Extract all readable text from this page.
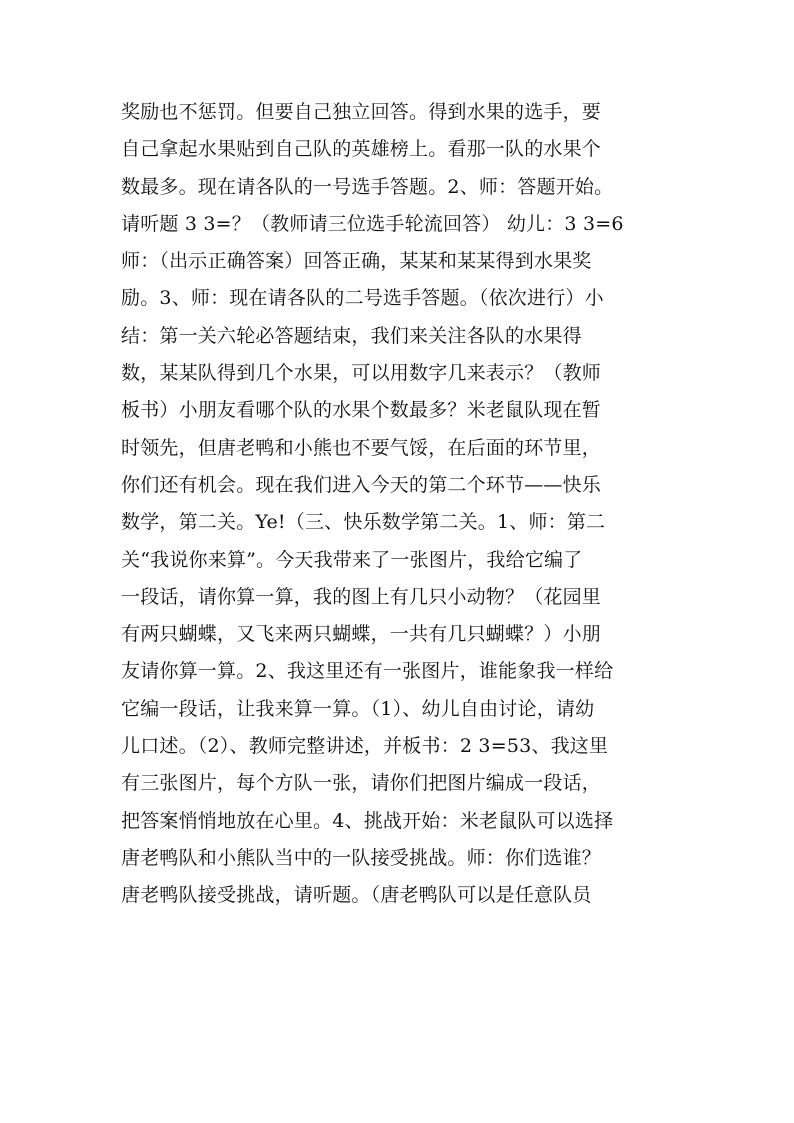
奖励也不惩罚。但要自己独立回答。得到水果的选手，要
自己拿起水果贴到自己队的英雄榜上。看那一队的水果个
数最多。现在请各队的一号选手答题。2、师：答题开始。
请听题 3 3=？（教师请三位选手轮流回答） 幼儿：3 3=6
师：（出示正确答案）回答正确，某某和某某得到水果奖
励。3、师：现在请各队的二号选手答题。（依次进行）小
结：第一关六轮必答题结束，我们来关注各队的水果得
数，某某队得到几个水果，可以用数字几来表示？（教师
板书）小朋友看哪个队的水果个数最多？米老鼠队现在暂
时领先，但唐老鸭和小熊也不要气馁，在后面的环节里，
你们还有机会。现在我们进入今天的第二个环节——快乐
数学，第二关。Ye!（三、快乐数学第二关。1、师：第二
关“我说你来算”。今天我带来了一张图片，我给它编了
一段话，请你算一算，我的图上有几只小动物？（花园里
有两只蝴蝶，又飞来两只蝴蝶，一共有几只蝴蝶？）小朋
友请你算一算。2、我这里还有一张图片，谁能象我一样给
它编一段话，让我来算一算。（1）、幼儿自由讨论，请幼
儿口述。（2）、教师完整讲述，并板书：2 3=53、我这里
有三张图片，每个方队一张，请你们把图片编成一段话，
把答案悄悄地放在心里。4、挑战开始：米老鼠队可以选择
唐老鸭队和小熊队当中的一队接受挑战。师：你们选谁？
唐老鸭队接受挑战，请听题。（唐老鸭队可以是任意队员
